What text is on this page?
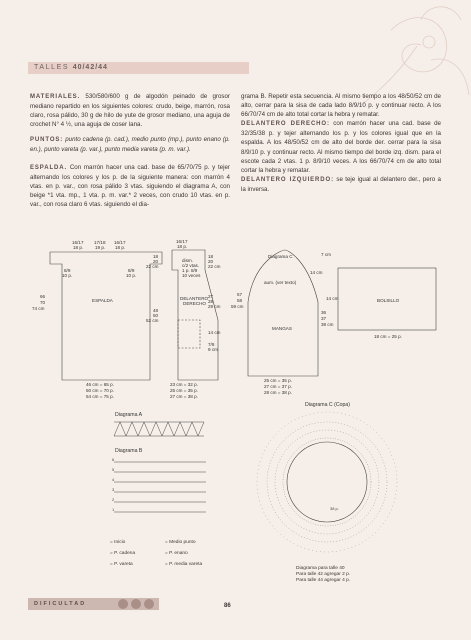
TALLES 40/42/44

MATERIALES. 530/580/600 g de algodón peinado de grosor mediano repartido en los siguientes colores: crudo, beige, marrón, rosa claro, rosa pálido, 30 g de hilo de yute de grosor mediano, una aguja de crochet N° 4 ½, una aguja de coser lana.

PUNTOS: punto cadena (p. cad.), medio punto (mp.), punto enano (p. en.), punto vareta (p. var.), punto media vareta (p. m. var.).

ESPALDA. Con marrón hacer una cad. base de 65/70/75 p. y tejer alternando los colores y los p. de la siguiente manera: con marrón 4 vtas. en p. var., con rosa pálido 3 vtas. siguiendo el diagrama A, con beige *1 vta. mp., 1 vta. p. m. var.* 2 veces, con crudo 10 vtas. en p. var., con rosa claro 6 vtas. siguiendo el dia-

grama B. Repetir esta secuencia. Al mismo tiempo a los 48/50/52 cm de alto, cerrar para la sisa de cada lado 8/9/10 p. y continuar recto. A los 66/70/74 cm de alto total cortar la hebra y rematar.
DELANTERO DERECHO: con marrón hacer una cad. base de 32/35/38 p. y tejer alternando los p. y los colores igual que en la espalda. A los 48/50/52 cm de alto del borde der. cerrar para la sisa 8/9/10 p. y continuar recto. Al mismo tiempo del borde izq. dism. para el escote cada 2 vtas. 1 p. 8/9/10 veces. A los 66/70/74 cm de alto total cortar la hebra y rematar.
DELANTERO IZQUIERDO: se teje igual al delantero der., pero a la inversa.

ESPALDA
16/17
18 p.
17/18
19 p.
16/17
18 p.
8/9
10 p.
8/9
10 p.
66
70
74 cm
18
20
22 cm
48
50
52 cm
46 cm = 65 p.
50 cm = 70 p.
54 cm = 75 p.
16/17
18 p.
dism.
c/2 vtas.
1 p. 8/9
10 veces
18
20
22 cm
DELANTERO
DERECHO
27
28
29 cm
14 cm
7/8
9 cm
23 cm = 32 p.
25 cm = 35 p.
27 cm = 38 p.
Diagrama C
aum. (ver texto)
MANGAS
7 cm
14 cm
57
58
59 cm
36
37
38 cm
25 cm = 35 p.
27 cm = 37 p.
28 cm = 38 p.
BOLSILLO
14 cm
18 cm = 25 p.
Diagrama A
Diagrama B
6
5
4
3
2
1
= Inicio
= P. cadena
= P. vareta
= Medio punto
= P. enano
= P. media vareta
Diagrama C (Copa)
38 p.
Diagrama para talle 40
Para talle 42 agregar 2 p.
Para talle 44 agregar 4 p.
DIFICULTAD	86
